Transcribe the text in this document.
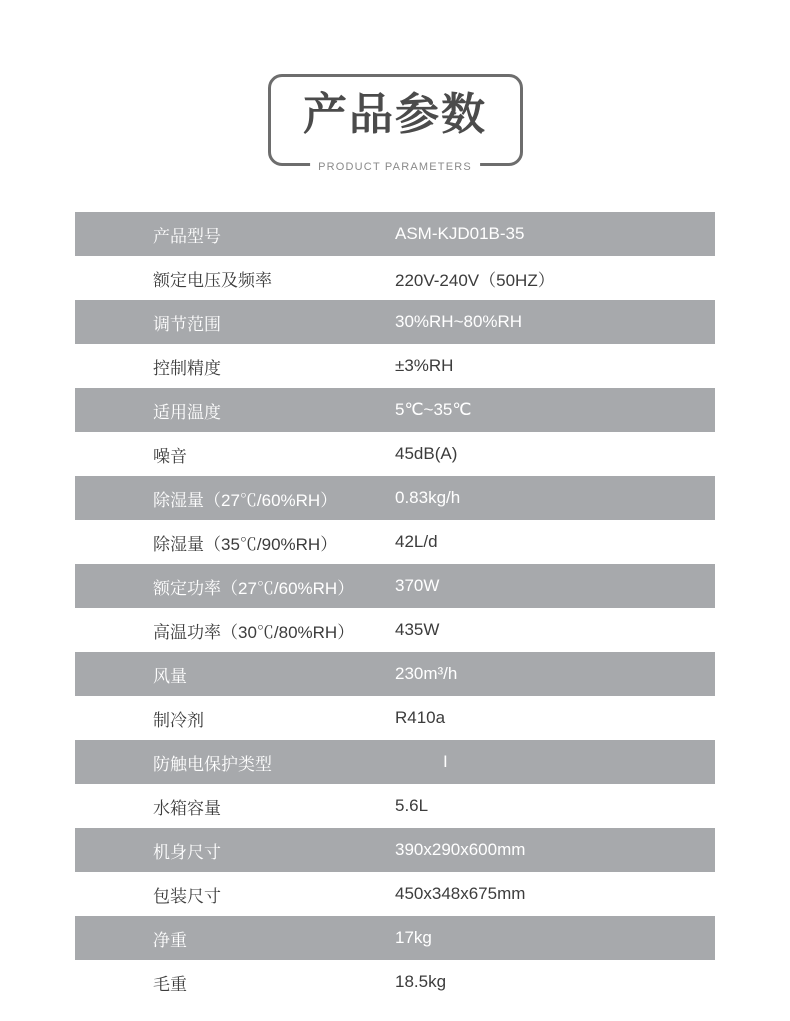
产品参数
PRODUCT PARAMETERS
产品型号	ASM-KJD01B-35
额定电压及频率	220V-240V（50HZ）
调节范围	30%RH~80%RH
控制精度	±3%RH
适用温度	5℃~35℃
噪音	45dB(A)
除湿量（27℃/60%RH）	0.83kg/h
除湿量（35℃/90%RH）	42L/d
额定功率（27℃/60%RH）	370W
高温功率（30℃/80%RH）	435W
风量	230m³/h
制冷剂	R410a
防触电保护类型	I
水箱容量	5.6L
机身尺寸	390x290x600mm
包装尺寸	450x348x675mm
净重	17kg
毛重	18.5kg
